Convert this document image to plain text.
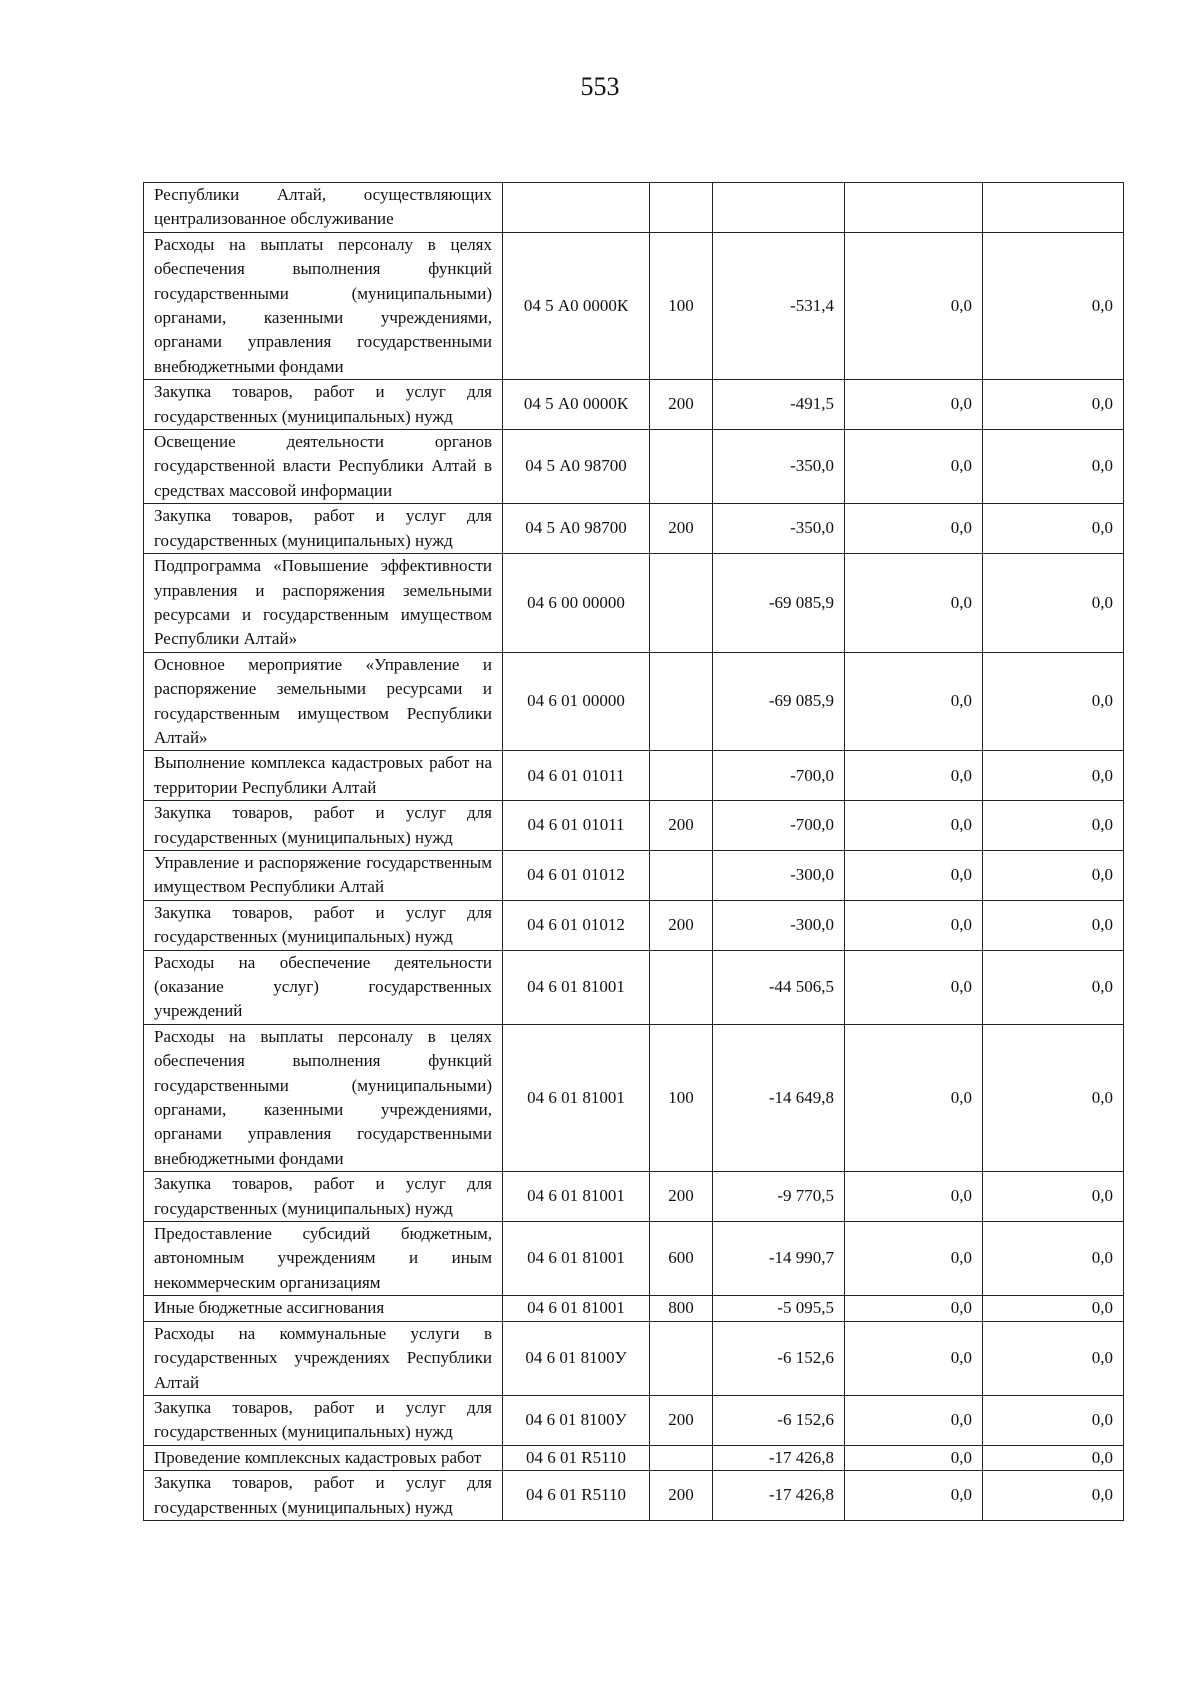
553
Республики Алтай, осуществляющих централизованное обслуживание					
Расходы на выплаты персоналу в целях обеспечения выполнения функций государственными (муниципальными) органами, казенными учреждениями, органами управления государственными внебюджетными фондами	04 5 А0 0000К	100	-531,4	0,0	0,0
Закупка товаров, работ и услуг для государственных (муниципальных) нужд	04 5 А0 0000К	200	-491,5	0,0	0,0
Освещение деятельности органов государственной власти Республики Алтай в средствах массовой информации	04 5 А0 98700		-350,0	0,0	0,0
Закупка товаров, работ и услуг для государственных (муниципальных) нужд	04 5 А0 98700	200	-350,0	0,0	0,0
Подпрограмма «Повышение эффективности управления и распоряжения земельными ресурсами и государственным имуществом Республики Алтай»	04 6 00 00000		-69 085,9	0,0	0,0
Основное мероприятие «Управление и распоряжение земельными ресурсами и государственным имуществом Республики Алтай»	04 6 01 00000		-69 085,9	0,0	0,0
Выполнение комплекса кадастровых работ на территории Республики Алтай	04 6 01 01011		-700,0	0,0	0,0
Закупка товаров, работ и услуг для государственных (муниципальных) нужд	04 6 01 01011	200	-700,0	0,0	0,0
Управление и распоряжение государственным имуществом Республики Алтай	04 6 01 01012		-300,0	0,0	0,0
Закупка товаров, работ и услуг для государственных (муниципальных) нужд	04 6 01 01012	200	-300,0	0,0	0,0
Расходы на обеспечение деятельности (оказание услуг) государственных учреждений	04 6 01 81001		-44 506,5	0,0	0,0
Расходы на выплаты персоналу в целях обеспечения выполнения функций государственными (муниципальными) органами, казенными учреждениями, органами управления государственными внебюджетными фондами	04 6 01 81001	100	-14 649,8	0,0	0,0
Закупка товаров, работ и услуг для государственных (муниципальных) нужд	04 6 01 81001	200	-9 770,5	0,0	0,0
Предоставление субсидий бюджетным, автономным учреждениям и иным некоммерческим организациям	04 6 01 81001	600	-14 990,7	0,0	0,0
Иные бюджетные ассигнования	04 6 01 81001	800	-5 095,5	0,0	0,0
Расходы на коммунальные услуги в государственных учреждениях Республики Алтай	04 6 01 8100У		-6 152,6	0,0	0,0
Закупка товаров, работ и услуг для государственных (муниципальных) нужд	04 6 01 8100У	200	-6 152,6	0,0	0,0
Проведение комплексных кадастровых работ	04 6 01 R5110		-17 426,8	0,0	0,0
Закупка товаров, работ и услуг для государственных (муниципальных) нужд	04 6 01 R5110	200	-17 426,8	0,0	0,0
